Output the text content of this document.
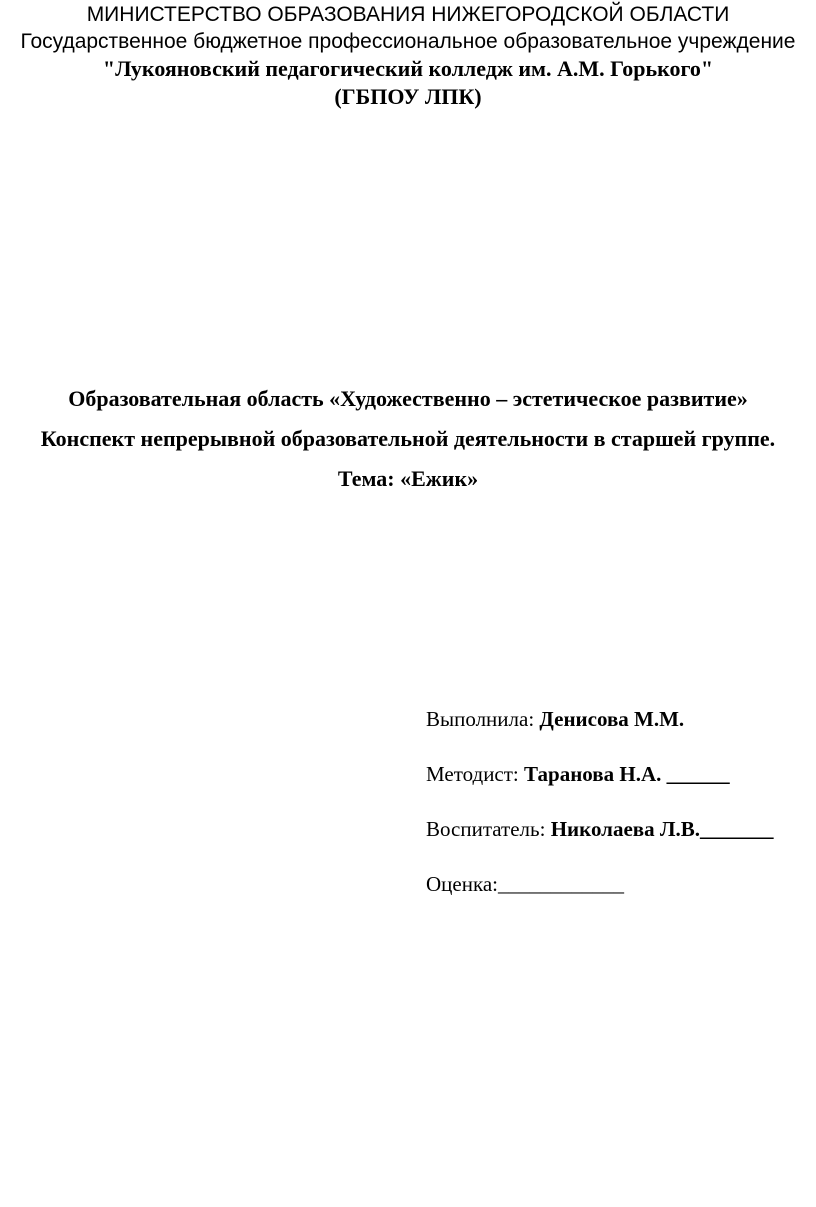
МИНИСТЕРСТВО ОБРАЗОВАНИЯ НИЖЕГОРОДСКОЙ ОБЛАСТИ
Государственное бюджетное профессиональное образовательное учреждение
"Лукояновский педагогический колледж им. А.М. Горького"
(ГБПОУ ЛПК)
Образовательная область «Художественно – эстетическое развитие»
Конспект непрерывной образовательной деятельности в старшей группе.
Тема: «Ежик»
Выполнила: Денисова М.М.
Методист: Таранова Н.А. ______
Воспитатель: Николаева Л.В._______
Оценка:____________
